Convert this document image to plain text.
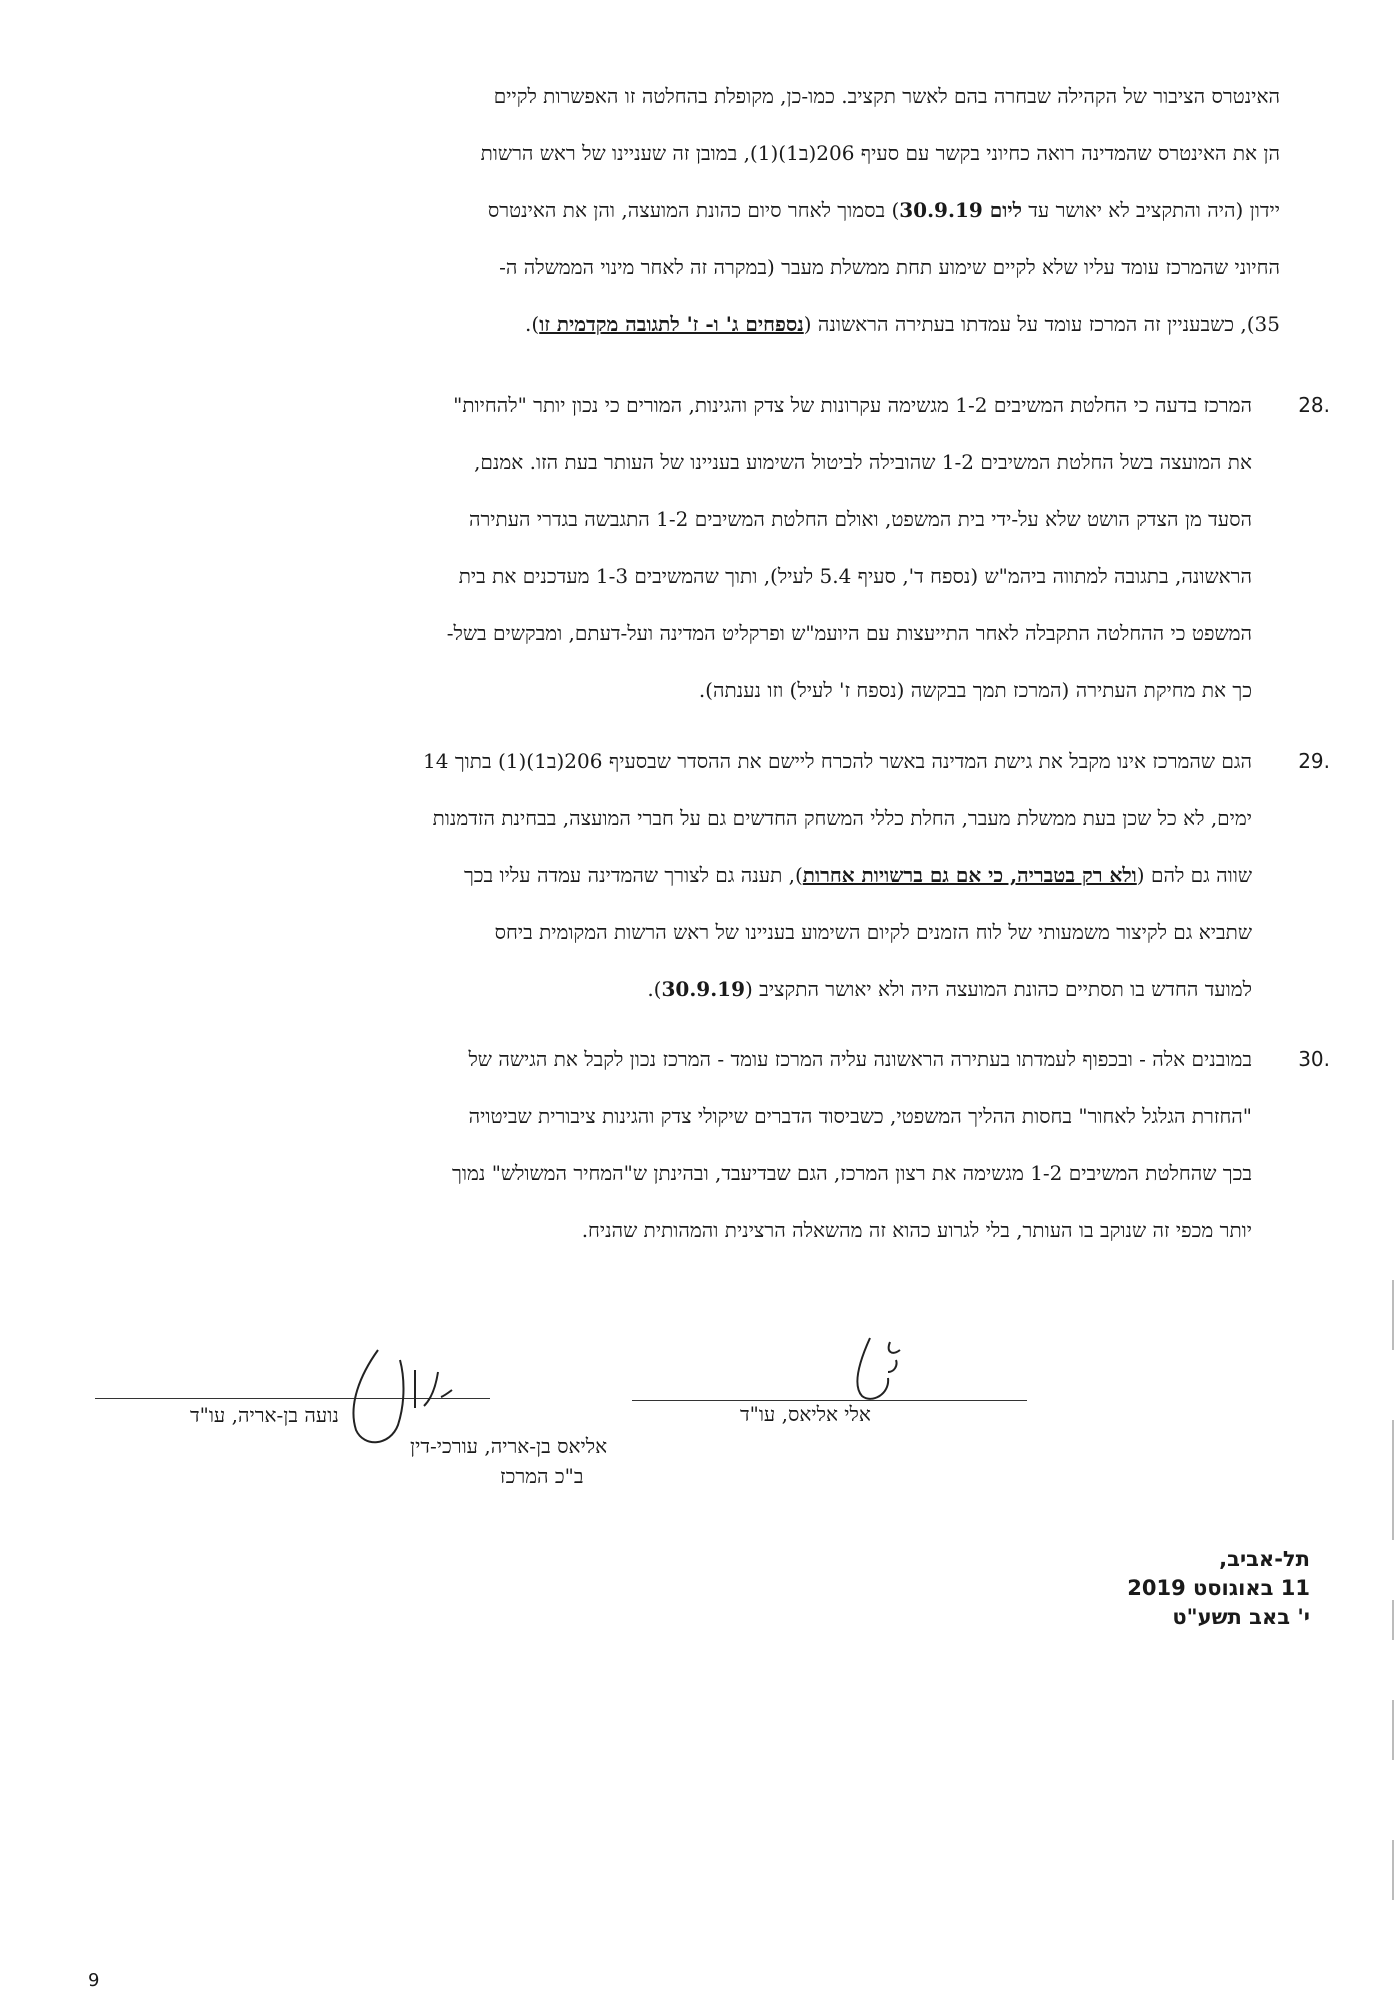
האינטרס הציבור של הקהילה שבחרה בהם לאשר תקציב. כמו-כן, מקופלת בהחלטה זו האפשרות לקיים
הן את האינטרס שהמדינה רואה כחיוני בקשר עם סעיף 206(ב1)(1), במובן זה שעניינו של ראש הרשות
יידון (היה והתקציב לא יאושר עד ליום 30.9.19) בסמוך לאחר סיום כהונת המועצה, והן את האינטרס
החיוני שהמרכז עומד עליו שלא לקיים שימוע תחת ממשלת מעבר (במקרה זה לאחר מינוי הממשלה ה-
35), כשבעניין זה המרכז עומד על עמדתו בעתירה הראשונה (נספחים ג' ו- ז' לתגובה מקדמית זו).
.28
המרכז בדעה כי החלטת המשיבים 1-2 מגשימה עקרונות של צדק והגינות, המורים כי נכון יותר "להחיות"
את המועצה בשל החלטת המשיבים 1-2 שהובילה לביטול השימוע בעניינו של העותר בעת הזו. אמנם,
הסעד מן הצדק הושט שלא על-ידי בית המשפט, ואולם החלטת המשיבים 1-2 התגבשה בגדרי העתירה
הראשונה, בתגובה למתווה ביהמ"ש (נספח ד', סעיף 5.4 לעיל), ותוך שהמשיבים 1-3 מעדכנים את בית
המשפט כי ההחלטה התקבלה לאחר התייעצות עם היועמ"ש ופרקליט המדינה ועל-דעתם, ומבקשים בשל-
כך את מחיקת העתירה (המרכז תמך בבקשה (נספח ז' לעיל) וזו נענתה).
.29
הגם שהמרכז אינו מקבל את גישת המדינה באשר להכרח ליישם את ההסדר שבסעיף 206(ב1)(1) בתוך 14
ימים, לא כל שכן בעת ממשלת מעבר, החלת כללי המשחק החדשים גם על חברי המועצה, בבחינת הזדמנות
שווה גם להם (ולא רק בטבריה, כי אם גם ברשויות אחרות), תענה גם לצורך שהמדינה עמדה עליו בכך
שתביא גם לקיצור משמעותי של לוח הזמנים לקיום השימוע בעניינו של ראש הרשות המקומית ביחס
למועד החדש בו תסתיים כהונת המועצה היה ולא יאושר התקציב (30.9.19).
.30
במובנים אלה - ובכפוף לעמדתו בעתירה הראשונה עליה המרכז עומד - המרכז נכון לקבל את הגישה של
"החזרת הגלגל לאחור" בחסות ההליך המשפטי, כשביסוד הדברים שיקולי צדק והגינות ציבורית שביטויה
בכך שהחלטת המשיבים 1-2 מגשימה את רצון המרכז, הגם שבדיעבד, ובהינתן ש"המחיר המשולש" נמוך
יותר מכפי זה שנוקב בו העותר, בלי לגרוע כהוא זה מהשאלה הרצינית והמהותית שהניח.
אלי אליאס, עו"ד
נועה בן-אריה, עו"ד
אליאס בן-אריה, עורכי-דין
ב"כ המרכז
תל-אביב,
11 באוגוסט 2019
י' באב תשע"ט
9
